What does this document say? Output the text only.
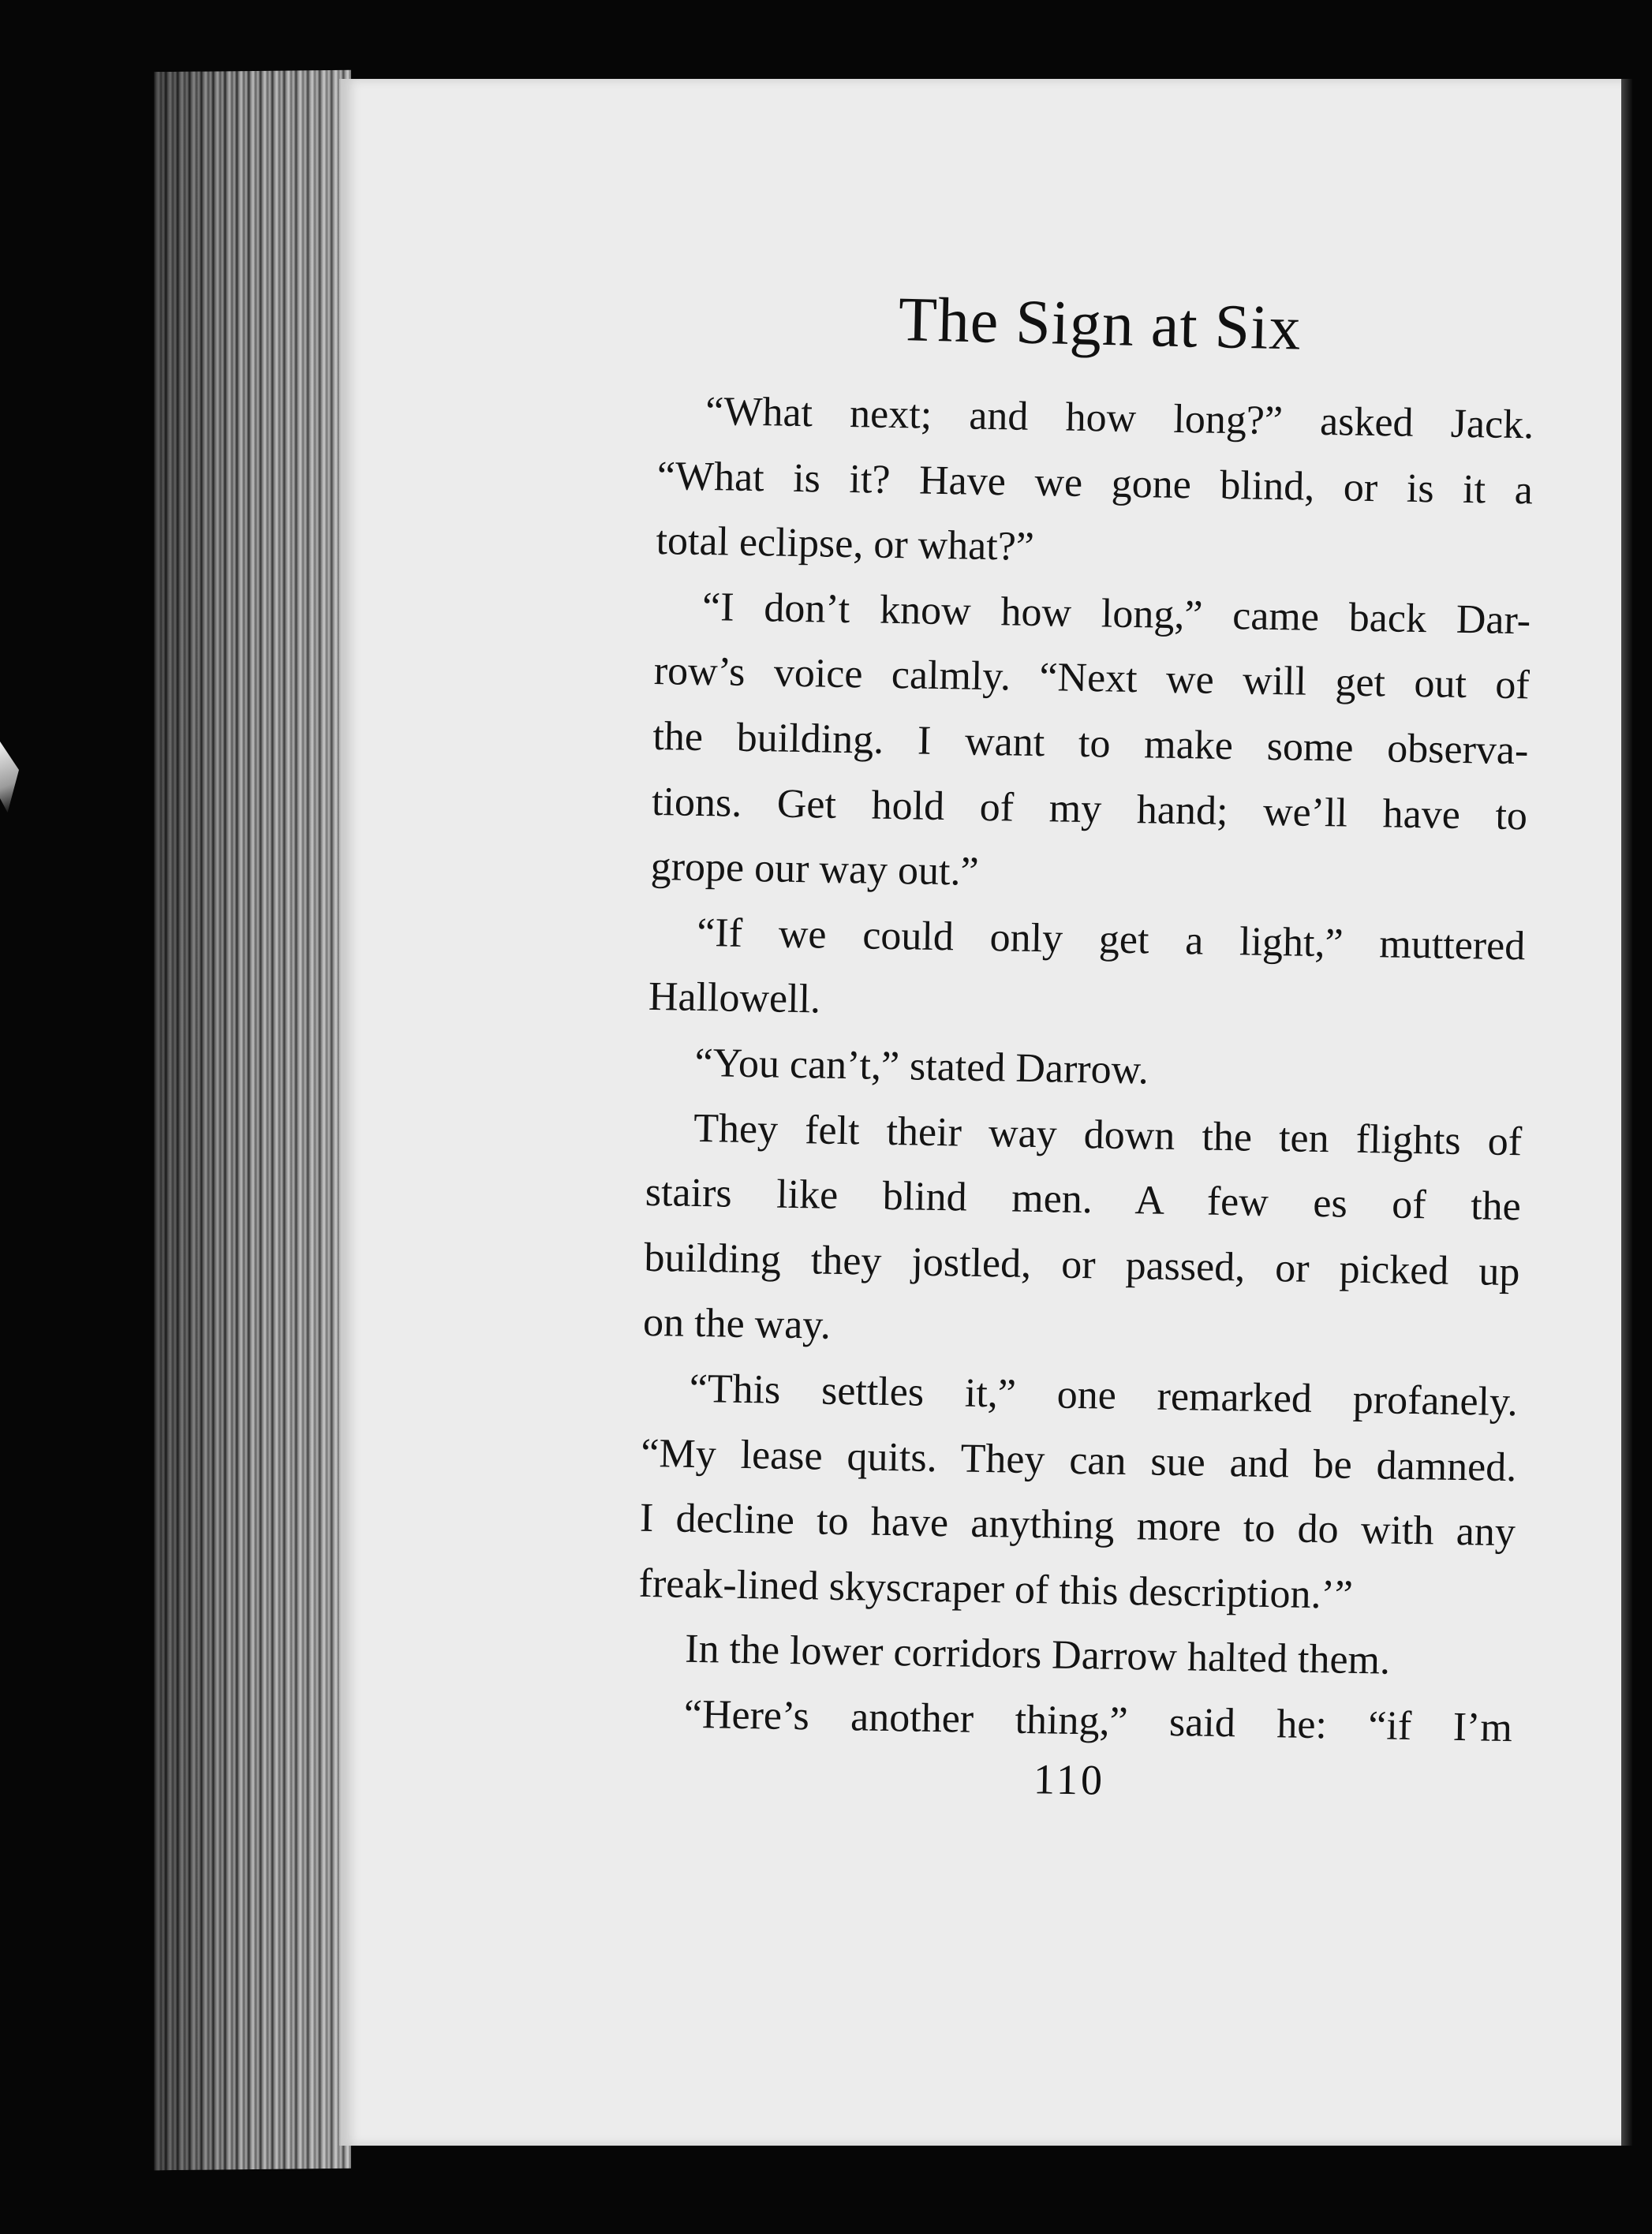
The Sign at Six
“What next; and how long?” asked Jack.
“What is it? Have we gone blind, or is it a
total eclipse, or what?”
“I don’t know how long,” came back Dar-
row’s voice calmly. “Next we will get out of
the building. I want to make some observa-
tions. Get hold of my hand; we’ll have to
grope our way out.”
“If we could only get a light,” muttered
Hallowell.
“You can’t,” stated Darrow.
They felt their way down the ten flights of
stairs like blind men. A few es of the
building they jostled, or passed, or picked up
on the way.
“This settles it,” one remarked profanely.
“My lease quits. They can sue and be damned.
I decline to have anything more to do with any
freak-lined skyscraper of this description.’”
In the lower corridors Darrow halted them.
“Here’s another thing,” said he: “if I’m
110
